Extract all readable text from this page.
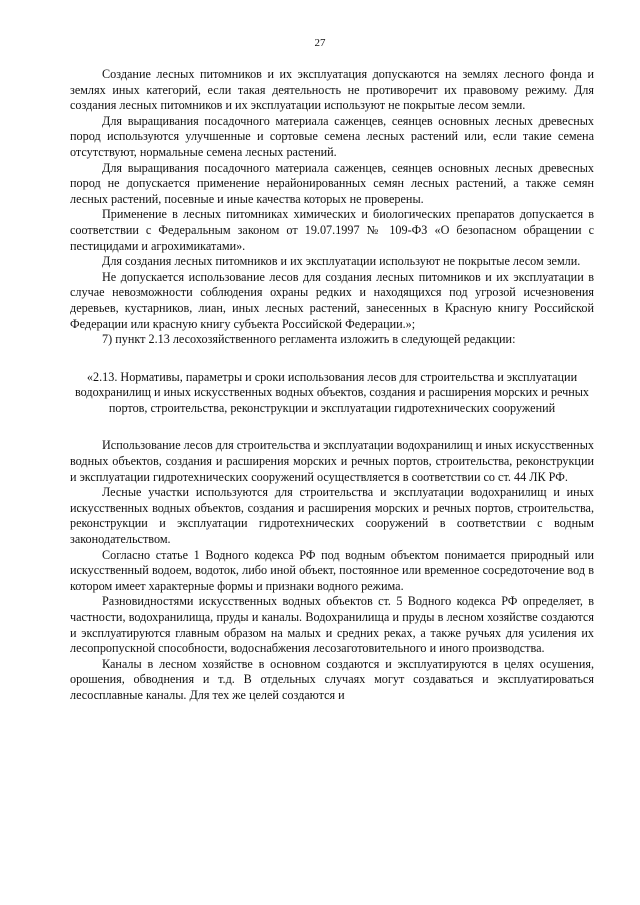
27

Создание лесных питомников и их эксплуатация допускаются на землях лесного фонда и землях иных категорий, если такая деятельность не противоречит их правовому режиму. Для создания лесных питомников и их эксплуатации используют не покрытые лесом земли.

Для выращивания посадочного материала саженцев, сеянцев основных лесных древесных пород используются улучшенные и сортовые семена лесных растений или, если такие семена отсутствуют, нормальные семена лесных растений.

Для выращивания посадочного материала саженцев, сеянцев основных лесных древесных пород не допускается применение нерайонированных семян лесных растений, а также семян лесных растений, посевные и иные качества которых не проверены.

Применение в лесных питомниках химических и биологических препаратов допускается в соответствии с Федеральным законом от 19.07.1997 № 109-ФЗ «О безопасном обращении с пестицидами и агрохимикатами».

Для создания лесных питомников и их эксплуатации используют не покрытые лесом земли.

Не допускается использование лесов для создания лесных питомников и их эксплуатации в случае невозможности соблюдения охраны редких и находящихся под угрозой исчезновения деревьев, кустарников, лиан, иных лесных растений, занесенных в Красную книгу Российской Федерации или красную книгу субъекта Российской Федерации.»;

7) пункт 2.13 лесохозяйственного регламента изложить в следующей редакции:

«2.13. Нормативы, параметры и сроки использования лесов для строительства и эксплуатации водохранилищ и иных искусственных водных объектов, создания и расширения морских и речных портов, строительства, реконструкции и эксплуатации гидротехнических сооружений

Использование лесов для строительства и эксплуатации водохранилищ и иных искусственных водных объектов, создания и расширения морских и речных портов, строительства, реконструкции и эксплуатации гидротехнических сооружений осуществляется в соответствии со ст. 44 ЛК РФ.

Лесные участки используются для строительства и эксплуатации водохранилищ и иных искусственных водных объектов, создания и расширения морских и речных портов, строительства, реконструкции и эксплуатации гидротехнических сооружений в соответствии с водным законодательством.

Согласно статье 1 Водного кодекса РФ под водным объектом понимается природный или искусственный водоем, водоток, либо иной объект, постоянное или временное сосредоточение вод в котором имеет характерные формы и признаки водного режима.

Разновидностями искусственных водных объектов ст. 5 Водного кодекса РФ определяет, в частности, водохранилища, пруды и каналы. Водохранилища и пруды в лесном хозяйстве создаются и эксплуатируются главным образом на малых и средних реках, а также ручьях для усиления их лесопропускной способности, водоснабжения лесозаготовительного и иного производства.

Каналы в лесном хозяйстве в основном создаются и эксплуатируются в целях осушения, орошения, обводнения и т.д. В отдельных случаях могут создаваться и эксплуатироваться лесосплавные каналы. Для тех же целей создаются и
